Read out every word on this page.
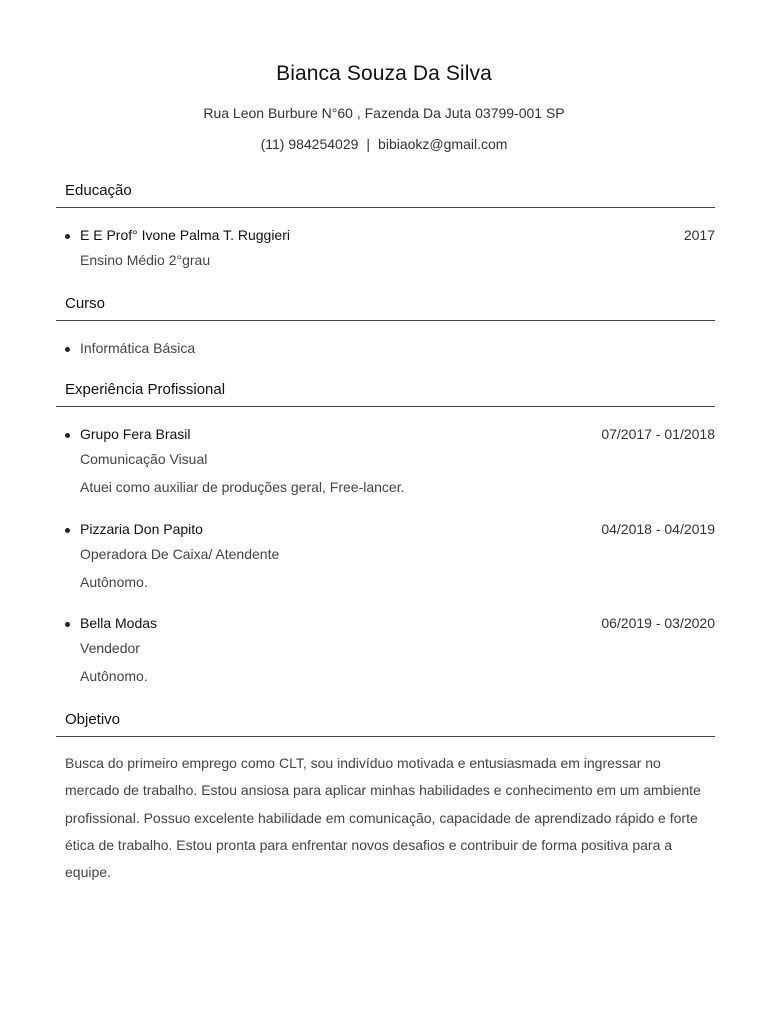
Bianca Souza Da Silva
Rua Leon Burbure N°60 , Fazenda Da Juta 03799-001 SP
(11) 984254029 | bibiaokz@gmail.com
Educação
E E Prof° Ivone Palma T. Ruggieri	2017
Ensino Médio 2°grau
Curso
Informática Básica
Experiência Profissional
Grupo Fera Brasil	07/2017 - 01/2018
Comunicação Visual
Atuei como auxiliar de produções geral, Free-lancer.
Pizzaria Don Papito	04/2018 - 04/2019
Operadora De Caixa/ Atendente
Autônomo.
Bella Modas	06/2019 - 03/2020
Vendedor
Autônomo.
Objetivo

Busca do primeiro emprego como CLT, sou indivíduo motivada e entusiasmada em ingressar no mercado de trabalho. Estou ansiosa para aplicar minhas habilidades e conhecimento em um ambiente profissional. Possuo excelente habilidade em comunicação, capacidade de aprendizado rápido e forte ética de trabalho. Estou pronta para enfrentar novos desafios e contribuir de forma positiva para a equipe.
